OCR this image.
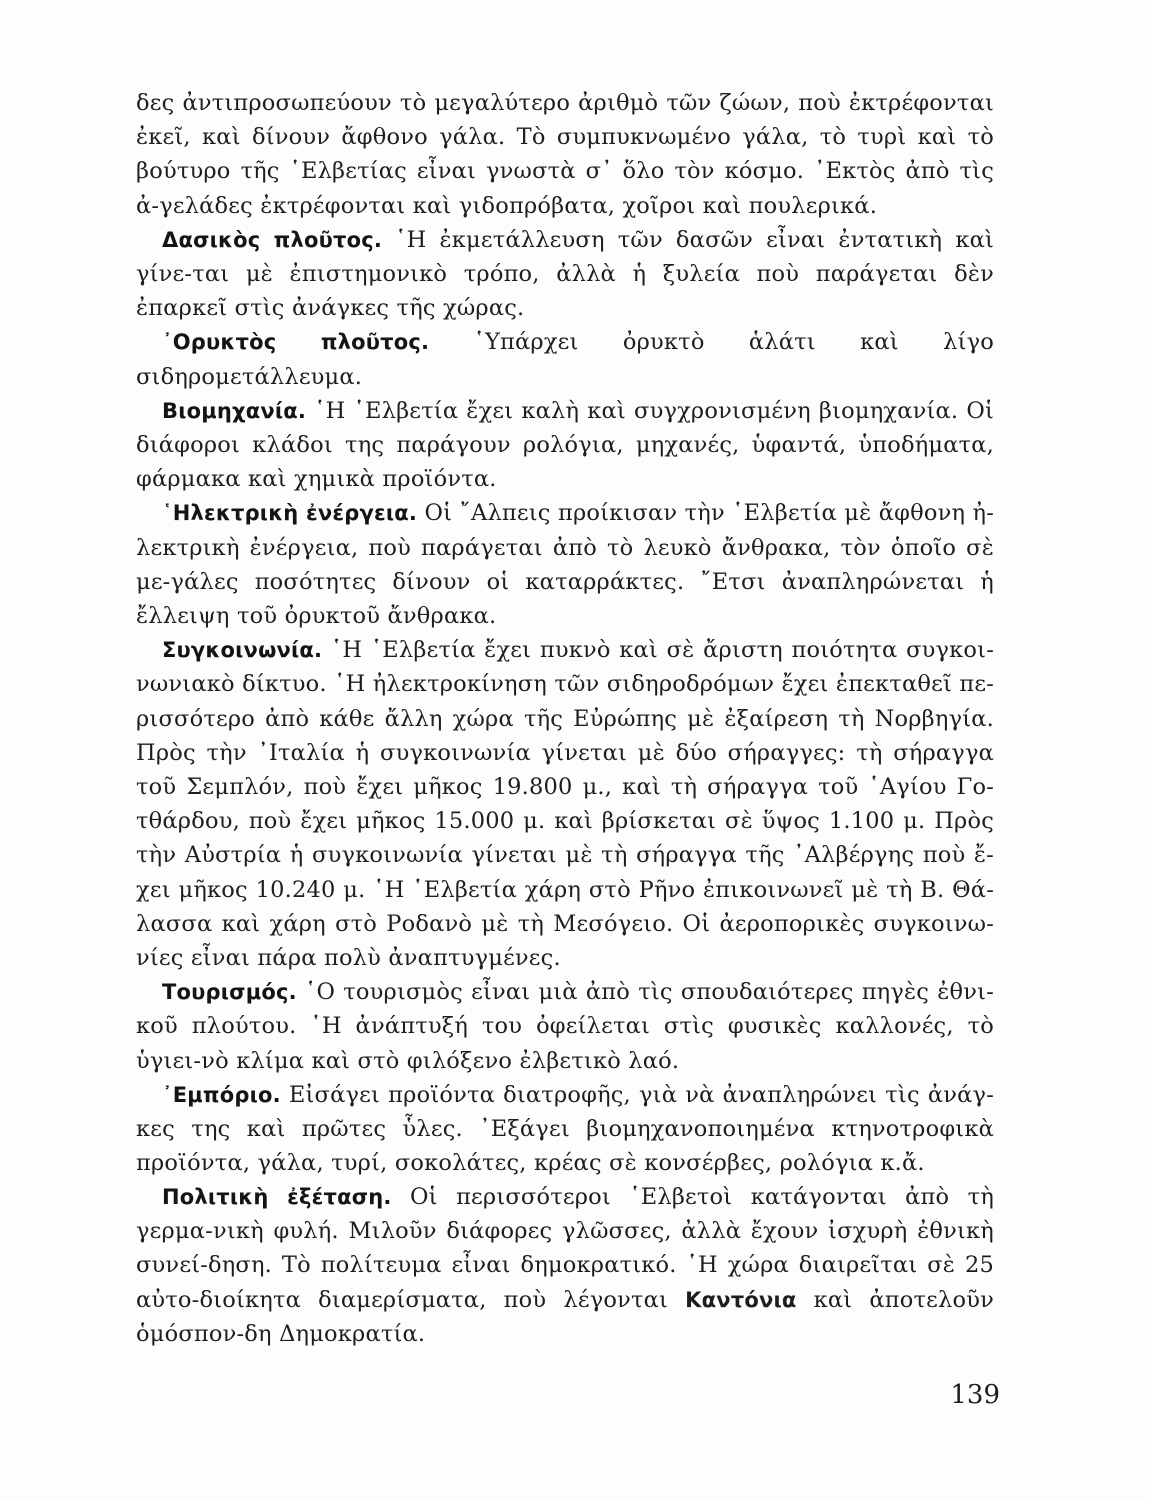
δες ἀντιπροσωπεύουν τὸ μεγαλύτερο ἀριθμὸ τῶν ζώων, ποὺ ἐκτρέφονται ἐκεῖ, καὶ δίνουν ἄφθονο γάλα. Τὸ συμπυκνωμένο γάλα, τὸ τυρὶ καὶ τὸ βούτυρο τῆς ῾Ελβετίας εἶναι γνωστὰ σ᾿ ὅλο τὸν κόσμο. ᾿Εκτὸς ἀπὸ τὶς ἀ-γελάδες ἐκτρέφονται καὶ γιδοπρόβατα, χοῖροι καὶ πουλερικά.

Δασικὸς πλοῦτος. ῾Η ἐκμετάλλευση τῶν δασῶν εἶναι ἐντατικὴ καὶ γίνε-ται μὲ ἐπιστημονικὸ τρόπο, ἀλλὰ ἡ ξυλεία ποὺ παράγεται δὲν ἐπαρκεῖ στὶς ἀνάγκες τῆς χώρας.

᾿Ορυκτὸς πλοῦτος. ῾Υπάρχει ὀρυκτὸ ἁλάτι καὶ λίγο σιδηρομετάλλευμα.

Βιομηχανία. ῾Η ῾Ελβετία ἔχει καλὴ καὶ συγχρονισμένη βιομηχανία. Οἱ διάφοροι κλάδοι της παράγουν ρολόγια, μηχανές, ὑφαντά, ὑποδήματα, φάρμακα καὶ χημικὰ προϊόντα.

῾Ηλεκτρικὴ ἐνέργεια. Οἱ ῎Αλπεις προίκισαν τὴν ῾Ελβετία μὲ ἄφθονη ἠ-λεκτρικὴ ἐνέργεια, ποὺ παράγεται ἀπὸ τὸ λευκὸ ἄνθρακα, τὸν ὁποῖο σὲ με-γάλες ποσότητες δίνουν οἱ καταρράκτες. ῎Ετσι ἀναπληρώνεται ἡ ἔλλειψη τοῦ ὀρυκτοῦ ἄνθρακα.

Συγκοινωνία. ῾Η ῾Ελβετία ἔχει πυκνὸ καὶ σὲ ἄριστη ποιότητα συγκοι-νωνιακὸ δίκτυο. ῾Η ἠλεκτροκίνηση τῶν σιδηροδρόμων ἔχει ἐπεκταθεῖ πε-ρισσότερο ἀπὸ κάθε ἄλλη χώρα τῆς Εὐρώπης μὲ ἐξαίρεση τὴ Νορβηγία. Πρὸς τὴν ᾿Ιταλία ἡ συγκοινωνία γίνεται μὲ δύο σήραγγες: τὴ σήραγγα τοῦ Σεμπλόν, ποὺ ἔχει μῆκος 19.800 μ., καὶ τὴ σήραγγα τοῦ ῾Αγίου Γο-τθάρδου, ποὺ ἔχει μῆκος 15.000 μ. καὶ βρίσκεται σὲ ὕψος 1.100 μ. Πρὸς τὴν Αὐστρία ἡ συγκοινωνία γίνεται μὲ τὴ σήραγγα τῆς ᾿Αλβέργης ποὺ ἔ-χει μῆκος 10.240 μ. ῾Η ῾Ελβετία χάρη στὸ Ρῆνο ἐπικοινωνεῖ μὲ τὴ Β. Θά-λασσα καὶ χάρη στὸ Ροδανὸ μὲ τὴ Μεσόγειο. Οἱ ἀεροπορικὲς συγκοινω-νίες εἶναι πάρα πολὺ ἀναπτυγμένες.

Τουρισμός. ῾Ο τουρισμὸς εἶναι μιὰ ἀπὸ τὶς σπουδαιότερες πηγὲς ἐθνι-κοῦ πλούτου. ῾Η ἀνάπτυξή του ὀφείλεται στὶς φυσικὲς καλλονές, τὸ ὑγιει-νὸ κλίμα καὶ στὸ φιλόξενο ἐλβετικὸ λαό.

᾿Εμπόριο. Εἰσάγει προϊόντα διατροφῆς, γιὰ νὰ ἀναπληρώνει τὶς ἀνάγ-κες της καὶ πρῶτες ὗλες. ᾿Εξάγει βιομηχανοποιημένα κτηνοτροφικὰ προϊόντα, γάλα, τυρί, σοκολάτες, κρέας σὲ κονσέρβες, ρολόγια κ.ἄ.

Πολιτικὴ ἐξέταση. Οἱ περισσότεροι ῾Ελβετοὶ κατάγονται ἀπὸ τὴ γερμα-νικὴ φυλή. Μιλοῦν διάφορες γλῶσσες, ἀλλὰ ἔχουν ἰσχυρὴ ἐθνικὴ συνεί-δηση. Τὸ πολίτευμα εἶναι δημοκρατικό. ῾Η χώρα διαιρεῖται σὲ 25 αὐτο-διοίκητα διαμερίσματα, ποὺ λέγονται Καντόνια καὶ ἀποτελοῦν ὁμόσπον-δη Δημοκρατία.

139
